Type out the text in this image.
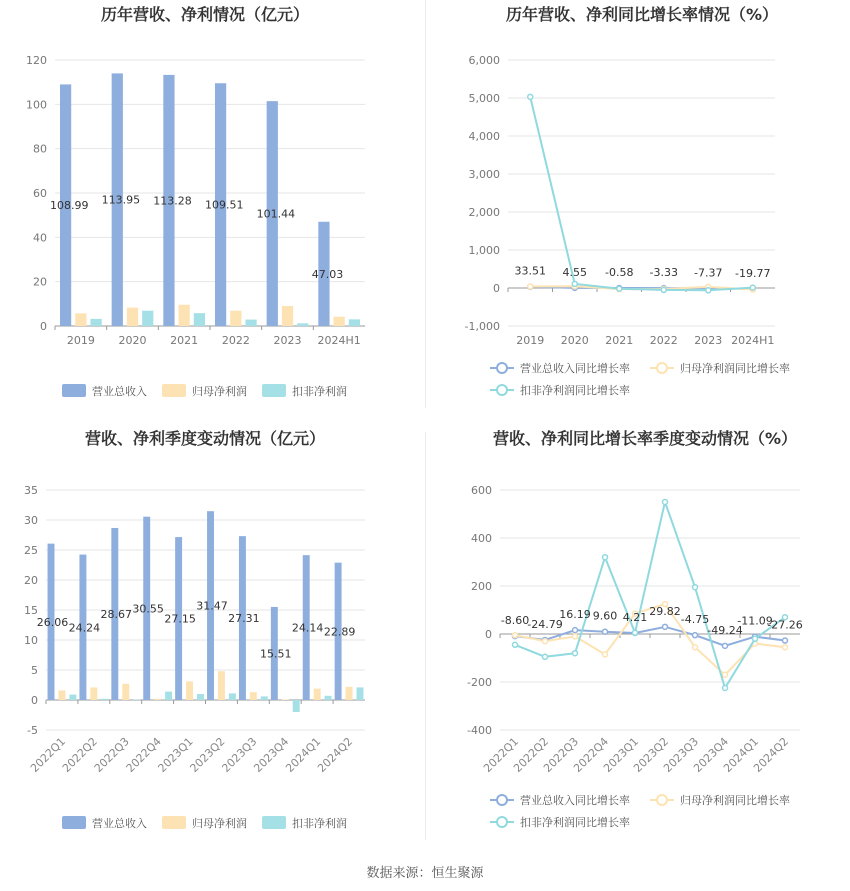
历年营收、净利情况（亿元）
120
100
80
60
40
20
0
2019 2020 2021 2022 2023 2024H1
108.99 113.95 113.28 109.51
101.44
47.03
营业总收入	归母净利润	扣非净利润
历年营收、净利同比增长率情况（%）
6,000
5,000
4,000
3,000
2,000
1,000
0
-1,000
2019 2020 2021 2022 2023 2024H1
33.51 4.55 -0.58 -3.33 -7.37 -19.77
营业总收入同比增长率	归母净利润同比增长率
扣非净利润同比增长率
营收、净利季度变动情况（亿元）
35
30
25
20
15
10
5
0
-5
2022Q1
2022Q2
2022Q3
2022Q4
2023Q1
2023Q2
2023Q3
2023Q4
2024Q1
2024Q2
26.06 24.24
28.67 30.55
27.15
31.47
27.31
15.51
24.14 22.89
营业总收入	归母净利润	扣非净利润
营收、净利同比增长率季度变动情况（%）
600
400
200
0
-200
-400
2022Q1
2022Q2
2022Q3
2022Q4
2023Q1
2023Q2
2023Q3
2023Q4
2024Q1
2024Q2
-8.60
-24.79
16.19 9.60 4.21 29.82
-4.75
-49.24
-11.09
-27.26
营业总收入同比增长率	归母净利润同比增长率
扣非净利润同比增长率
数据来源：恒生聚源
